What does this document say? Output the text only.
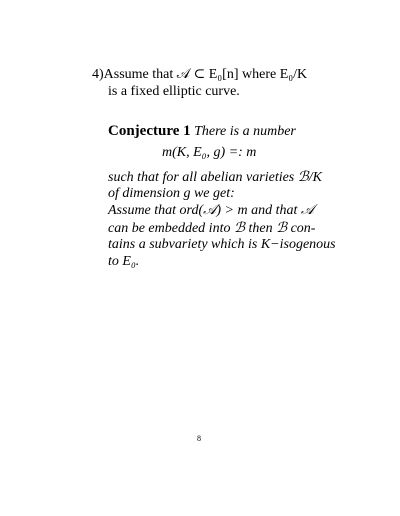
4)Assume that 𝒜 ⊂ E₀[n] where E₀/K
is a fixed elliptic curve.
Conjecture 1 There is a number
m(K, E₀, g) =: m
such that for all abelian varieties ℬ/K
of dimension g we get:
Assume that ord(𝒜) > m and that 𝒜
can be embedded into ℬ then ℬ con-
tains a subvariety which is K−isogenous
to E₀.
8
